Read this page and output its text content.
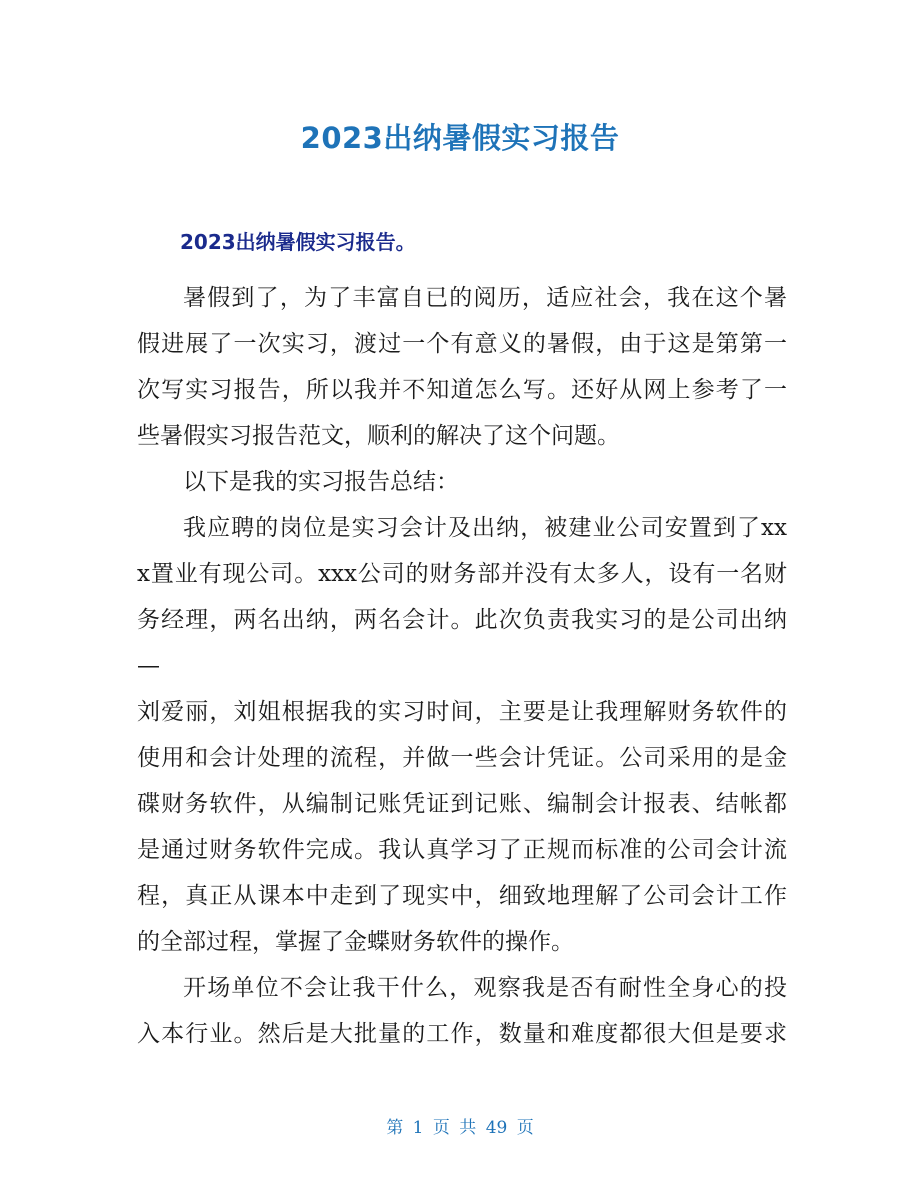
2023出纳暑假实习报告
2023出纳暑假实习报告。
暑假到了，为了丰富自已的阅历，适应社会，我在这个暑
假进展了一次实习，渡过一个有意义的暑假，由于这是第第一
次写实习报告，所以我并不知道怎么写。还好从网上参考了一
些暑假实习报告范文，顺利的解决了这个问题。
以下是我的实习报告总结：
我应聘的岗位是实习会计及出纳，被建业公司安置到了xx
x置业有现公司。xxx公司的财务部并没有太多人，设有一名财
务经理，两名出纳，两名会计。此次负责我实习的是公司出纳
—
刘爱丽，刘姐根据我的实习时间，主要是让我理解财务软件的
使用和会计处理的流程，并做一些会计凭证。公司采用的是金
碟财务软件，从编制记账凭证到记账、编制会计报表、结帐都
是通过财务软件完成。我认真学习了正规而标准的公司会计流
程，真正从课本中走到了现实中，细致地理解了公司会计工作
的全部过程，掌握了金蝶财务软件的操作。
开场单位不会让我干什么，观察我是否有耐性全身心的投
入本行业。然后是大批量的工作，数量和难度都很大但是要求
第 1 页 共 49 页
